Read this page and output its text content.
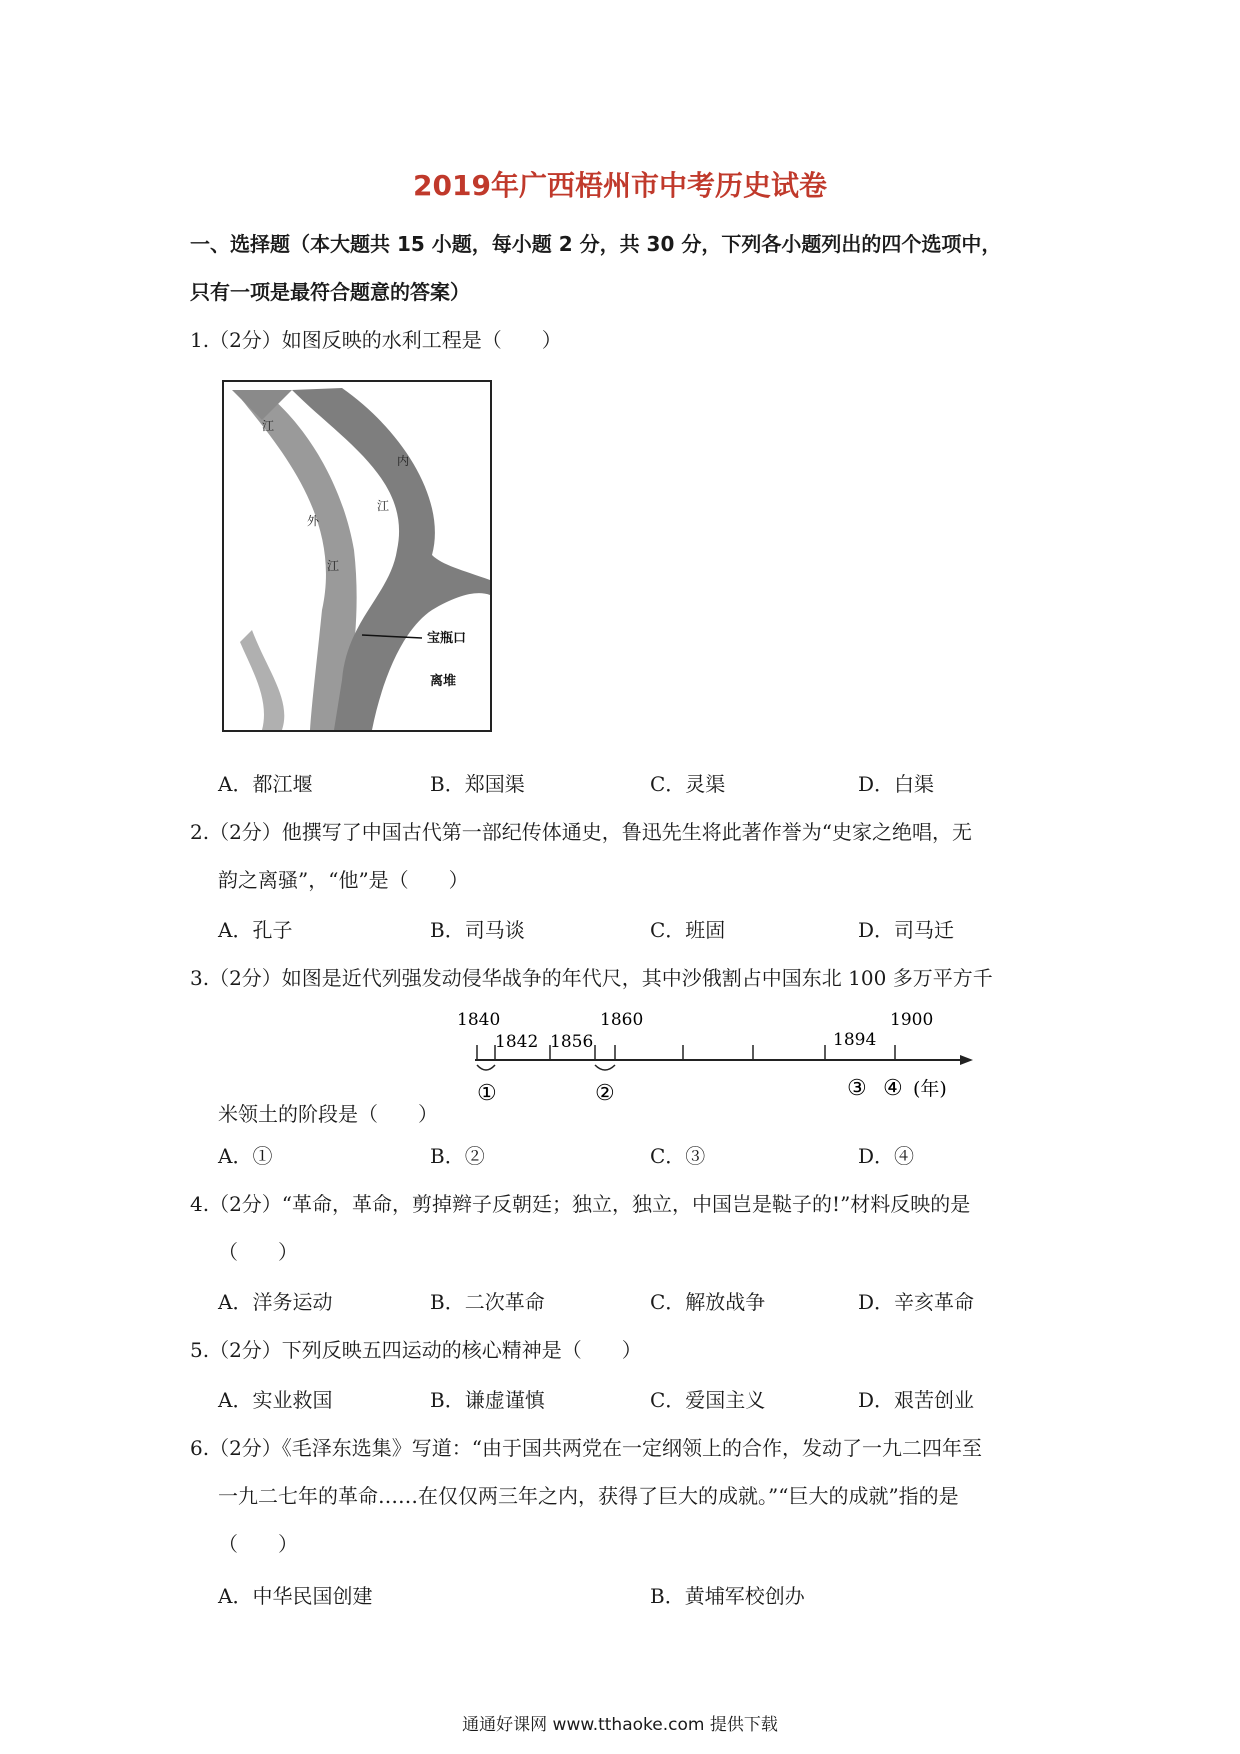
2019年广西梧州市中考历史试卷
一、选择题（本大题共 15 小题，每小题 2 分，共 30 分，下列各小题列出的四个选项中，
只有一项是最符合题意的答案）
1.（2分）如图反映的水利工程是（　　）
江
内
江
外
江
宝瓶口
离堆
A．都江堰	B．郑国渠	C．灵渠	D．白渠
2.（2分）他撰写了中国古代第一部纪传体通史，鲁迅先生将此著作誉为“史家之绝唱，无
韵之离骚”，“他”是（　　）
A．孔子	B．司马谈	C．班固	D．司马迁
3.（2分）如图是近代列强发动侵华战争的年代尺，其中沙俄割占中国东北 100 多万平方千
1840
1842 1856
1860
1894
1900
①	②	③ ④ (年)
米领土的阶段是（　　）
A．①	B．②	C．③	D．④
4.（2分）“革命，革命，剪掉辫子反朝廷；独立，独立，中国岂是鞑子的!”材料反映的是
（　　）
A．洋务运动	B．二次革命	C．解放战争	D．辛亥革命
5.（2分）下列反映五四运动的核心精神是（　　）
A．实业救国	B．谦虚谨慎	C．爱国主义	D．艰苦创业
6.（2分）《毛泽东选集》写道：“由于国共两党在一定纲领上的合作，发动了一九二四年至
一九二七年的革命……在仅仅两三年之内，获得了巨大的成就。”“巨大的成就”指的是
（　　）
A．中华民国创建	B．黄埔军校创办
通通好课网 www.tthaoke.com 提供下载
